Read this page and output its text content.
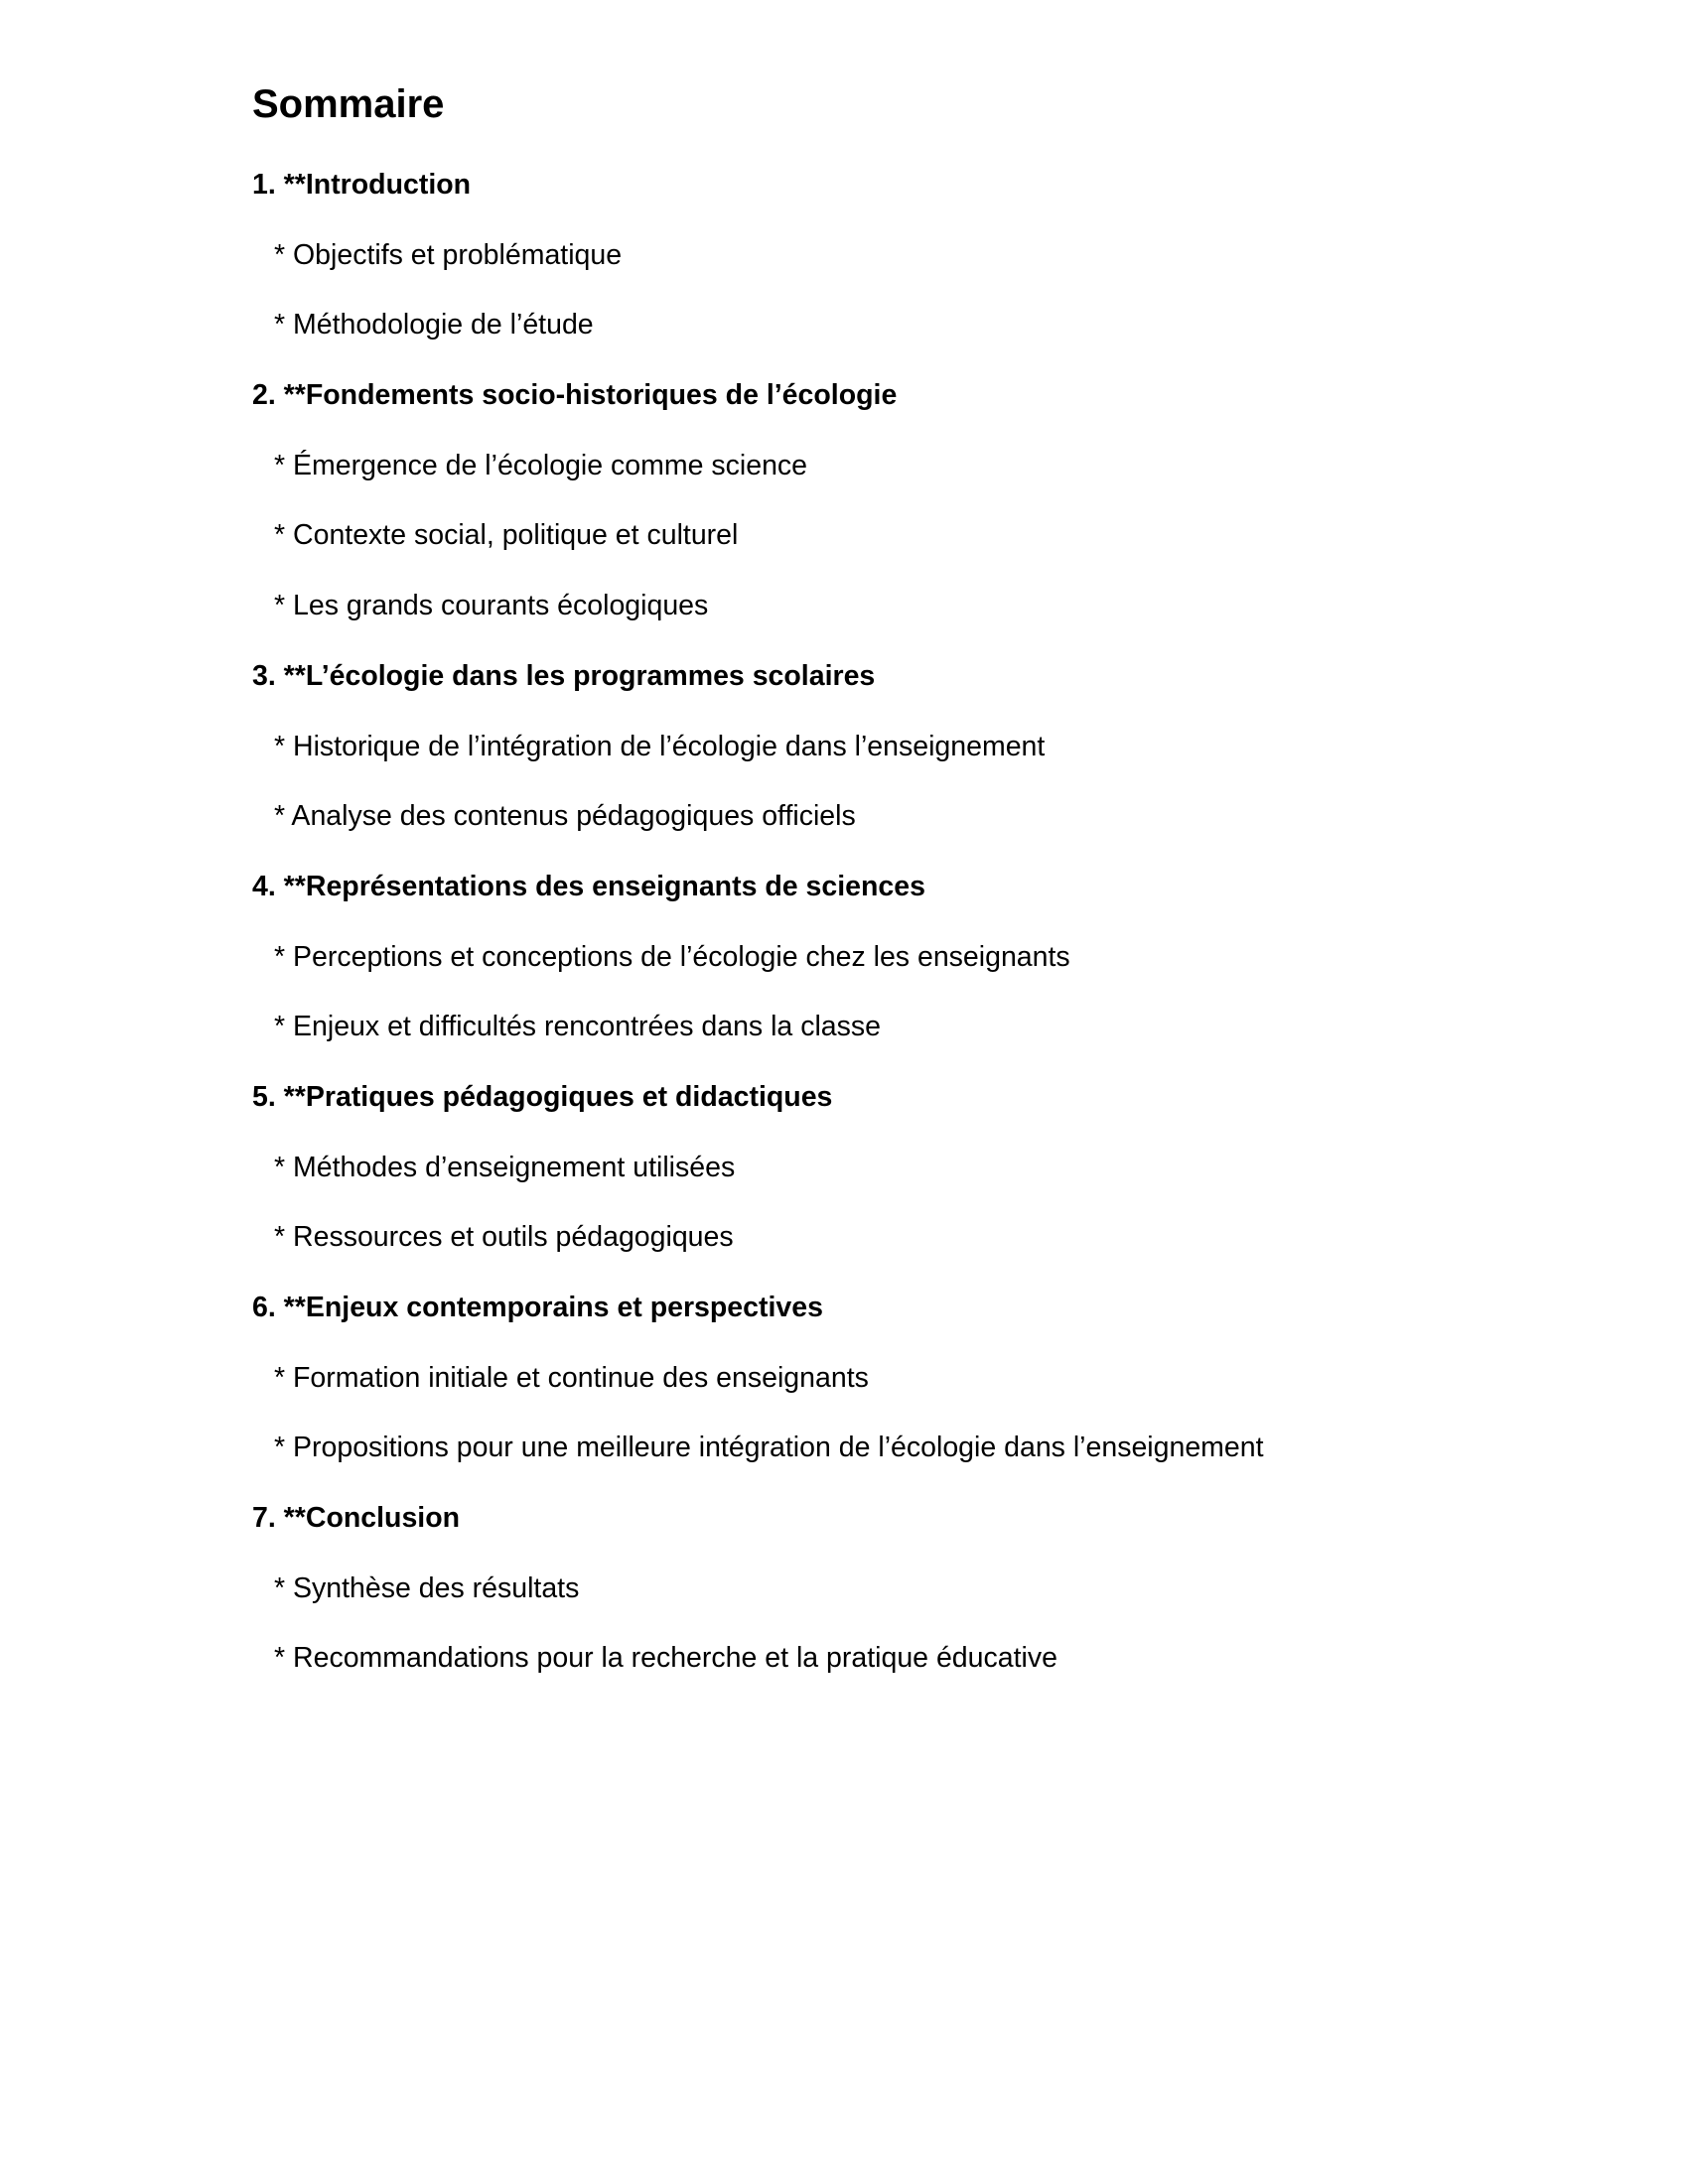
Sommaire
1. **Introduction
* Objectifs et problématique
* Méthodologie de l’étude
2. **Fondements socio-historiques de l’écologie
* Émergence de l’écologie comme science
* Contexte social, politique et culturel
* Les grands courants écologiques
3. **L’écologie dans les programmes scolaires
* Historique de l’intégration de l’écologie dans l’enseignement
* Analyse des contenus pédagogiques officiels
4. **Représentations des enseignants de sciences
* Perceptions et conceptions de l’écologie chez les enseignants
* Enjeux et difficultés rencontrées dans la classe
5. **Pratiques pédagogiques et didactiques
* Méthodes d’enseignement utilisées
* Ressources et outils pédagogiques
6. **Enjeux contemporains et perspectives
* Formation initiale et continue des enseignants
* Propositions pour une meilleure intégration de l’écologie dans l’enseignement
7. **Conclusion
* Synthèse des résultats
* Recommandations pour la recherche et la pratique éducative
